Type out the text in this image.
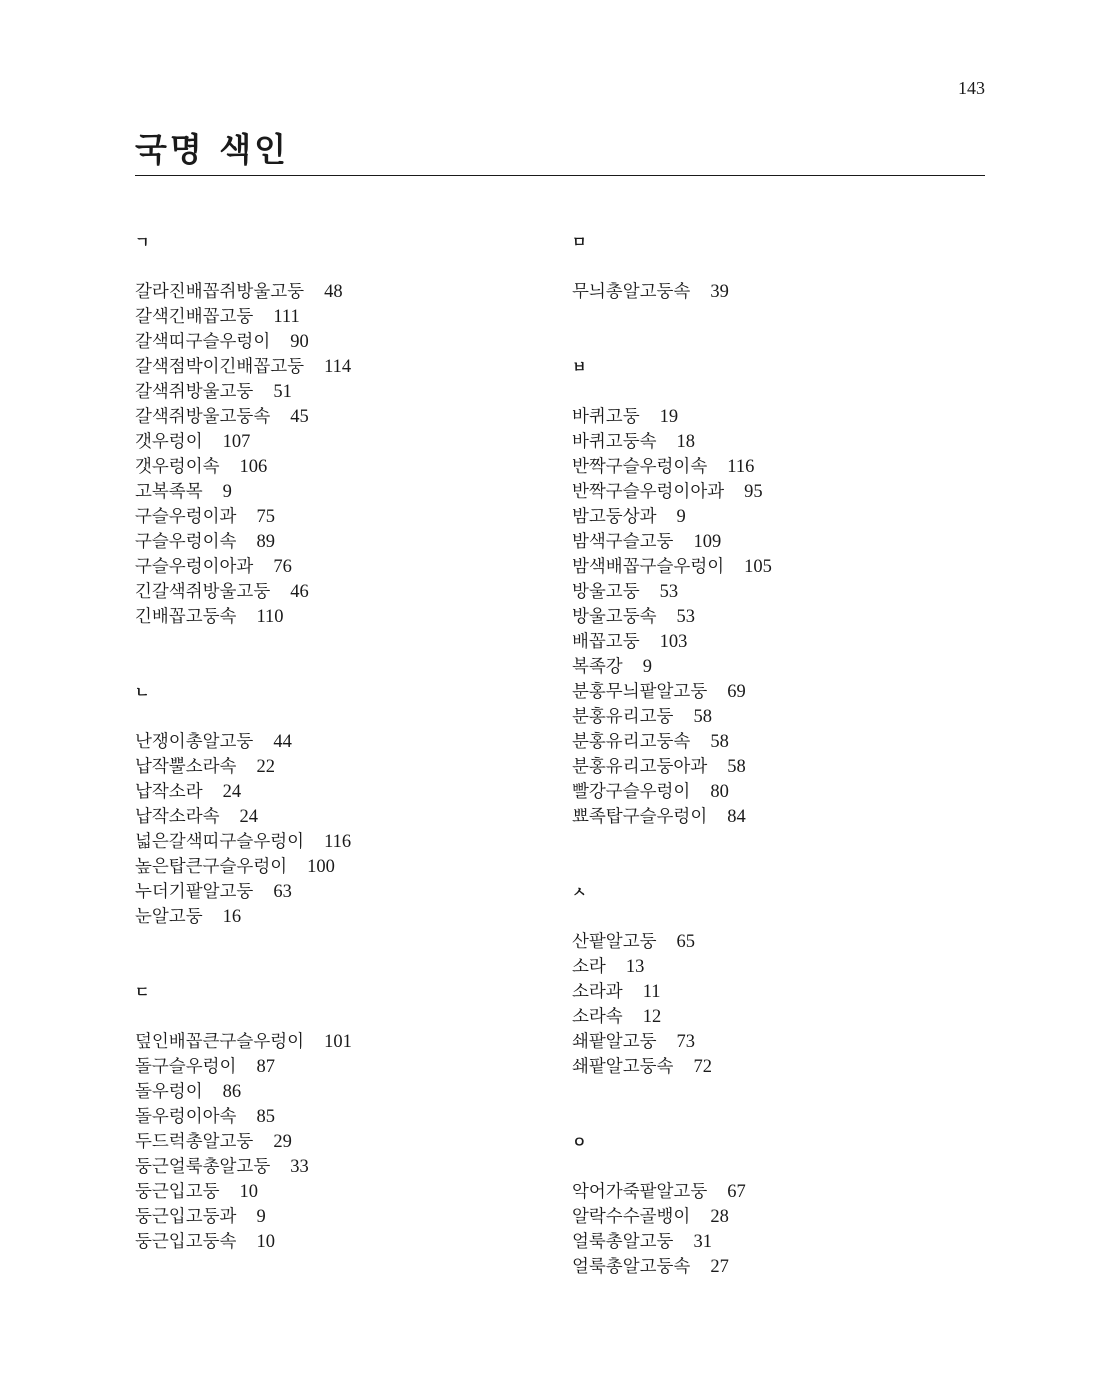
143
국명 색인
ㄱ
갈라진배꼽쥐방울고둥 48
갈색긴배꼽고둥 111
갈색띠구슬우렁이 90
갈색점박이긴배꼽고둥 114
갈색쥐방울고둥 51
갈색쥐방울고둥속 45
갯우렁이 107
갯우렁이속 106
고복족목 9
구슬우렁이과 75
구슬우렁이속 89
구슬우렁이아과 76
긴갈색쥐방울고둥 46
긴배꼽고둥속 110
ㄴ
난쟁이총알고둥 44
납작뿔소라속 22
납작소라 24
납작소라속 24
넓은갈색띠구슬우렁이 116
높은탑큰구슬우렁이 100
누더기팥알고둥 63
눈알고둥 16
ㄷ
덮인배꼽큰구슬우렁이 101
돌구슬우렁이 87
돌우렁이 86
돌우렁이아속 85
두드럭총알고둥 29
둥근얼룩총알고둥 33
둥근입고둥 10
둥근입고둥과 9
둥근입고둥속 10
ㅁ
무늬총알고둥속 39
ㅂ
바퀴고둥 19
바퀴고둥속 18
반짝구슬우렁이속 116
반짝구슬우렁이아과 95
밤고둥상과 9
밤색구슬고둥 109
밤색배꼽구슬우렁이 105
방울고둥 53
방울고둥속 53
배꼽고둥 103
복족강 9
분홍무늬팥알고둥 69
분홍유리고둥 58
분홍유리고둥속 58
분홍유리고둥아과 58
빨강구슬우렁이 80
뾰족탑구슬우렁이 84
ㅅ
산팥알고둥 65
소라 13
소라과 11
소라속 12
쇄팥알고둥 73
쇄팥알고둥속 72
ㅇ
악어가죽팥알고둥 67
알락수수골뱅이 28
얼룩총알고둥 31
얼룩총알고둥속 27
